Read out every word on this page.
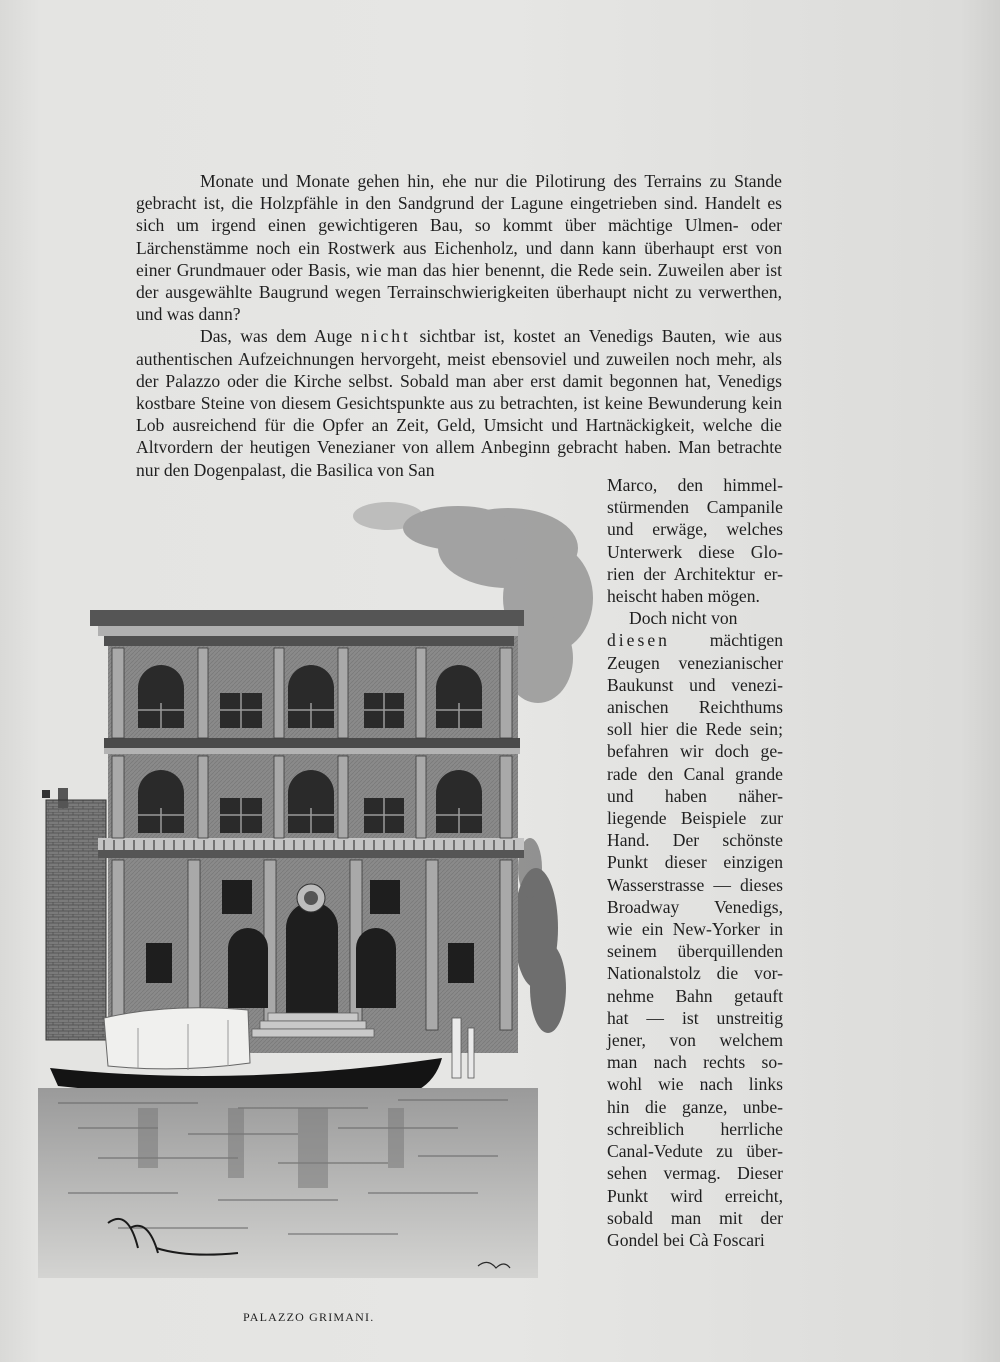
Monate und Monate gehen hin, ehe nur die Pilotirung des Terrains zu Stande gebracht ist, die Holzpfähle in den Sandgrund der Lagune eingetrieben sind. Handelt es sich um irgend einen gewichtigeren Bau, so kommt über mächtige Ulmen- oder Lärchenstämme noch ein Rostwerk aus Eichenholz, und dann kann überhaupt erst von einer Grundmauer oder Basis, wie man das hier benennt, die Rede sein. Zuweilen aber ist der ausgewählte Baugrund wegen Terrainschwierigkeiten überhaupt nicht zu verwerthen, und was dann?

Das, was dem Auge nicht sichtbar ist, kostet an Venedigs Bauten, wie aus authentischen Aufzeichnungen hervorgeht, meist ebensoviel und zuweilen noch mehr, als der Palazzo oder die Kirche selbst. Sobald man aber erst damit begonnen hat, Venedigs kostbare Steine von diesem Gesichtspunkte aus zu betrachten, ist keine Bewunderung kein Lob ausreichend für die Opfer an Zeit, Geld, Umsicht und Hartnäckigkeit, welche die Altvordern der heutigen Venezianer von allem Anbeginn gebracht haben. Man betrachte nur den Dogenpalast, die Basilica von San

Marco, den himmel-
stürmenden Campanile
und erwäge, welches
Unterwerk diese Glo-
rien der Architektur er-
heischt haben mögen.
Doch nicht von
diesen mächtigen
Zeugen venezianischer
Baukunst und venezi-
anischen Reichthums
soll hier die Rede sein;
befahren wir doch ge-
rade den Canal grande
und haben näher-
liegende Beispiele zur
Hand. Der schönste
Punkt dieser einzigen
Wasserstrasse — dieses
Broadway Venedigs,
wie ein New-Yorker in
seinem überquillenden
Nationalstolz die vor-
nehme Bahn getauft
hat — ist unstreitig
jener, von welchem
man nach rechts so-
wohl wie nach links
hin die ganze, unbe-
schreiblich herrliche
Canal-Vedute zu über-
sehen vermag. Dieser
Punkt wird erreicht,
sobald man mit der
Gondel bei Cà Foscari
PALAZZO GRIMANI.
